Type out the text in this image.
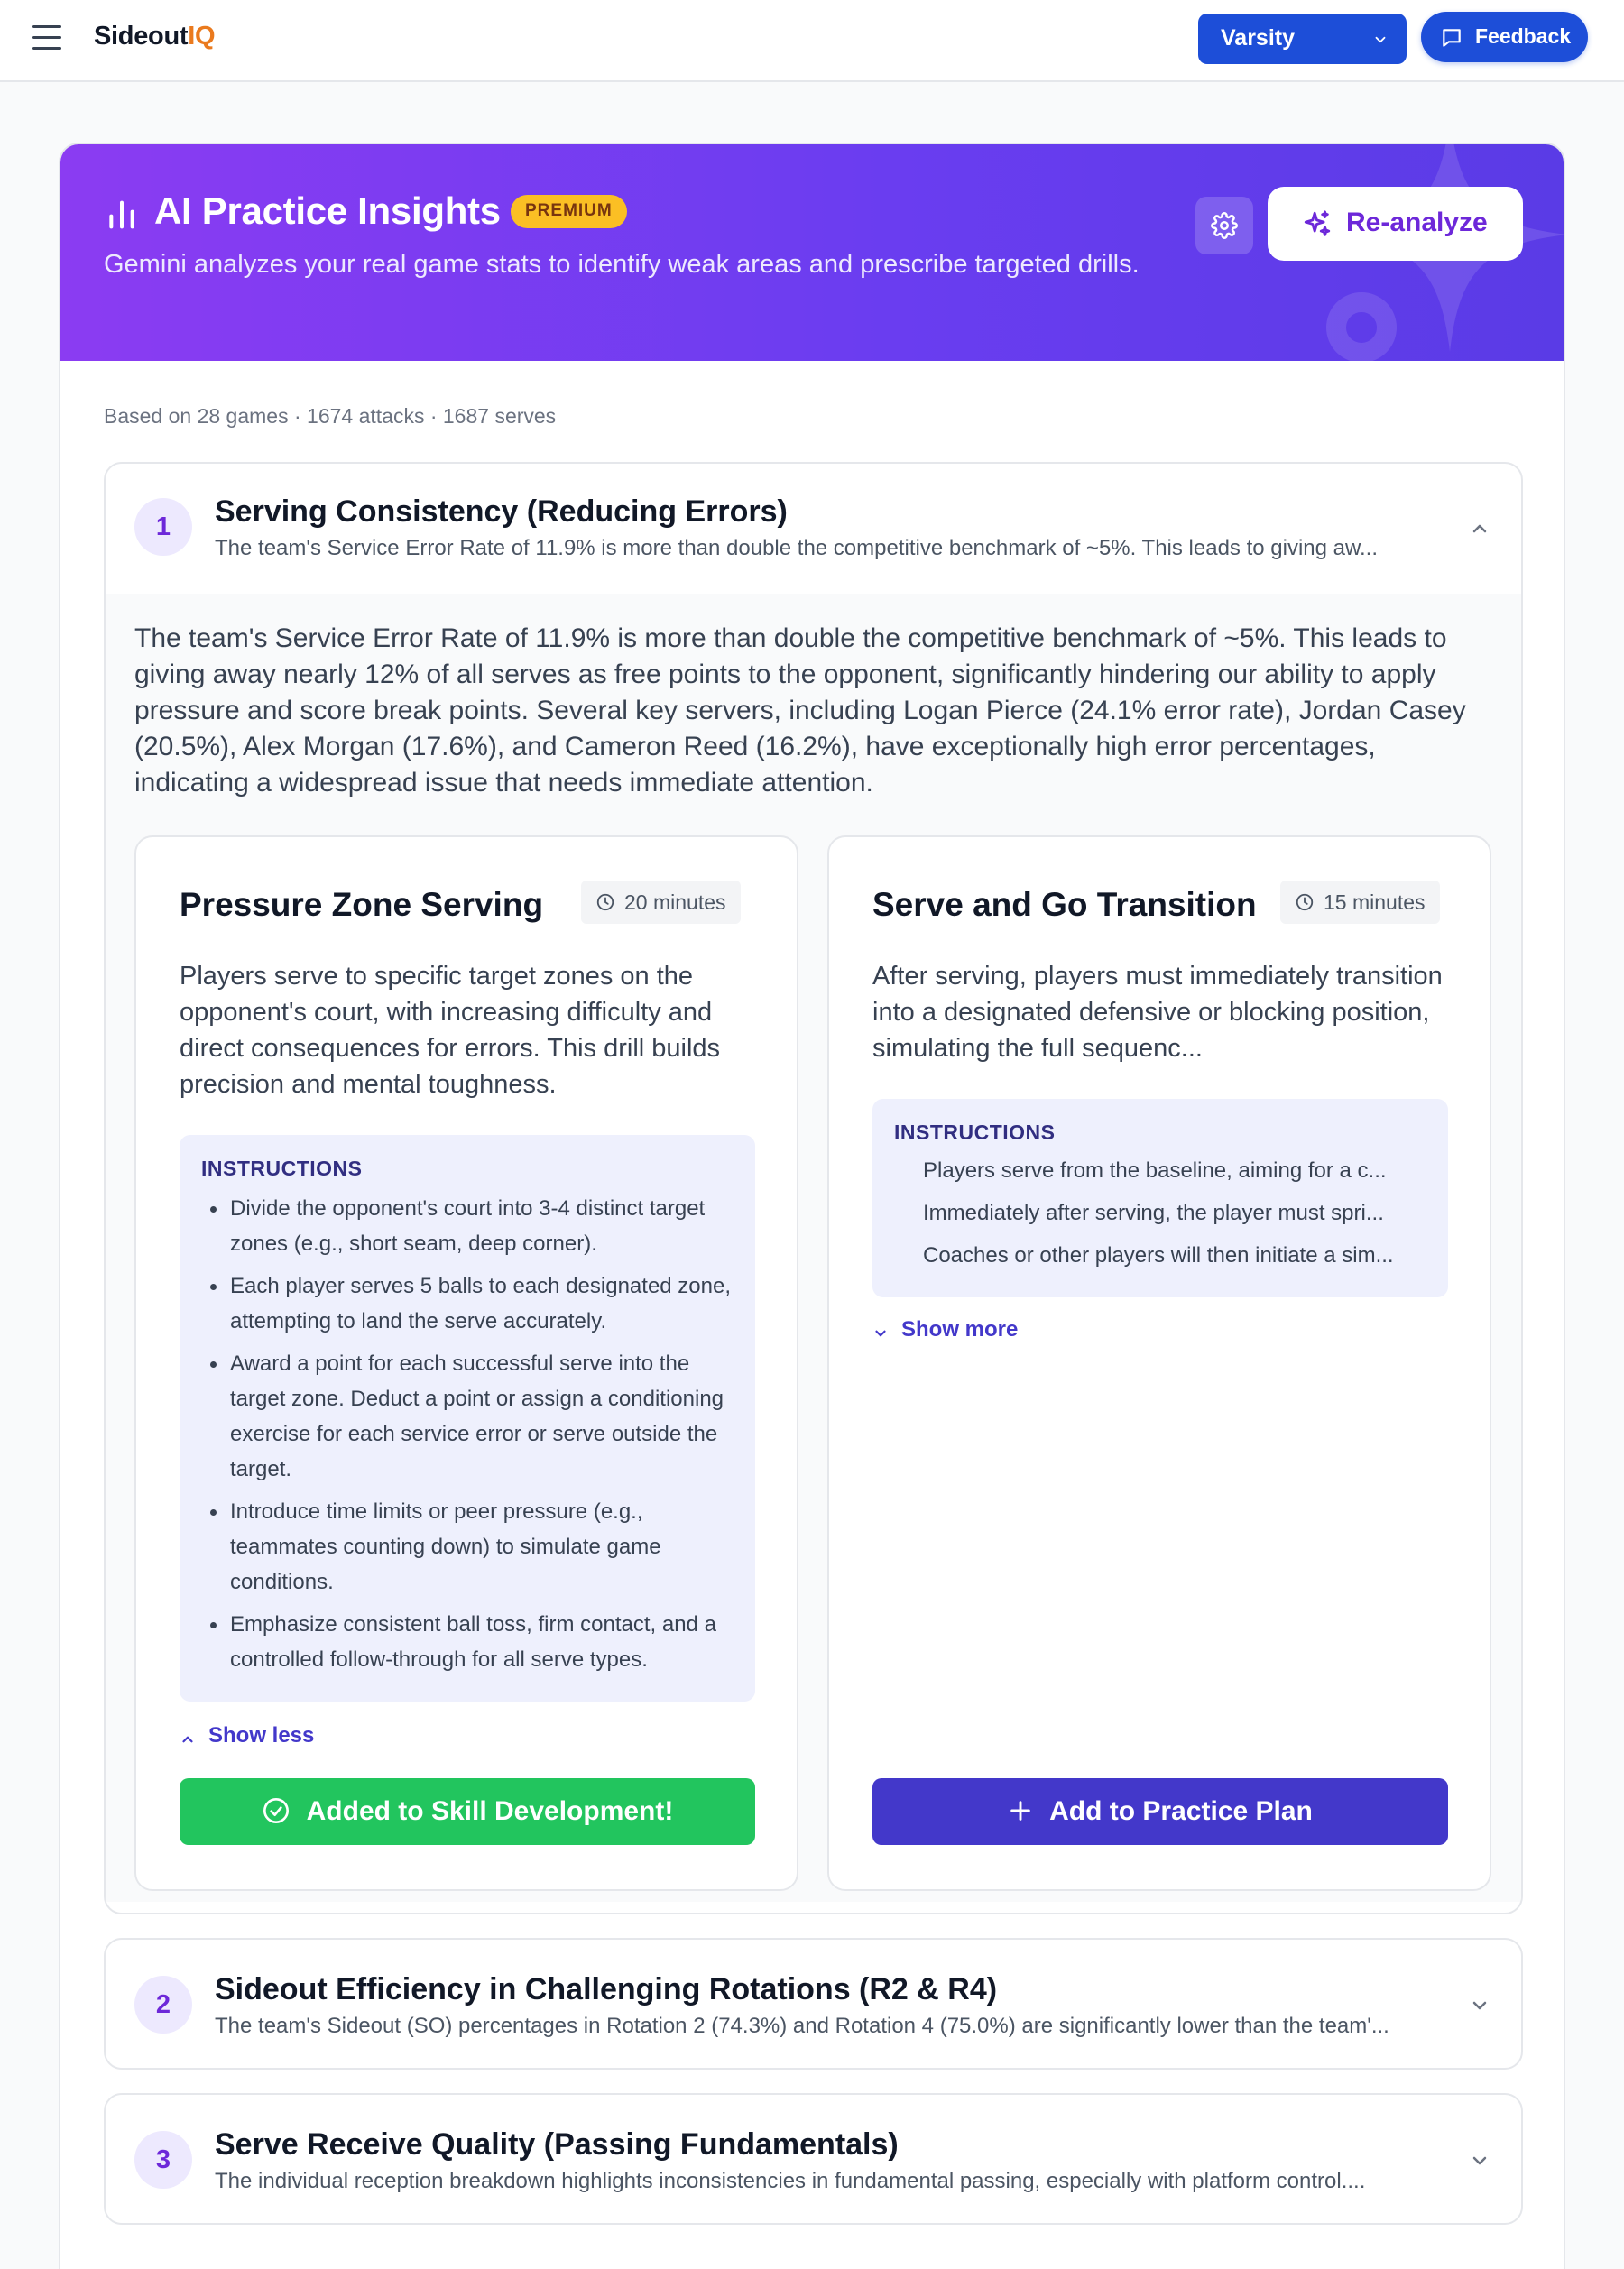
SideoutIQ	Varsity	Feedback
AI Practice Insights	PREMIUM
Gemini analyzes your real game stats to identify weak areas and prescribe targeted drills.
Re-analyze
Based on 28 games · 1674 attacks · 1687 serves
1	Serving Consistency (Reducing Errors)
The team's Service Error Rate of 11.9% is more than double the competitive benchmark of ~5%. This leads to giving aw...
The team's Service Error Rate of 11.9% is more than double the competitive benchmark of ~5%. This leads to giving away nearly 12% of all serves as free points to the opponent, significantly hindering our ability to apply pressure and score break points. Several key servers, including Logan Pierce (24.1% error rate), Jordan Casey (20.5%), Alex Morgan (17.6%), and Cameron Reed (16.2%), have exceptionally high error percentages, indicating a widespread issue that needs immediate attention.
Pressure Zone Serving	20 minutes
Players serve to specific target zones on the opponent's court, with increasing difficulty and direct consequences for errors. This drill builds precision and mental toughness.
INSTRUCTIONS
Divide the opponent's court into 3-4 distinct target zones (e.g., short seam, deep corner).
Each player serves 5 balls to each designated zone, attempting to land the serve accurately.
Award a point for each successful serve into the target zone. Deduct a point or assign a conditioning exercise for each service error or serve outside the target.
Introduce time limits or peer pressure (e.g., teammates counting down) to simulate game conditions.
Emphasize consistent ball toss, firm contact, and a controlled follow-through for all serve types.
Show less
Added to Skill Development!
Serve and Go Transition	15 minutes
After serving, players must immediately transition into a designated defensive or blocking position, simulating the full sequenc...
INSTRUCTIONS
Players serve from the baseline, aiming for a c...
Immediately after serving, the player must spri...
Coaches or other players will then initiate a sim...
Show more
Add to Practice Plan
2	Sideout Efficiency in Challenging Rotations (R2 & R4)
The team's Sideout (SO) percentages in Rotation 2 (74.3%) and Rotation 4 (75.0%) are significantly lower than the team'...
3	Serve Receive Quality (Passing Fundamentals)
The individual reception breakdown highlights inconsistencies in fundamental passing, especially with platform control....
